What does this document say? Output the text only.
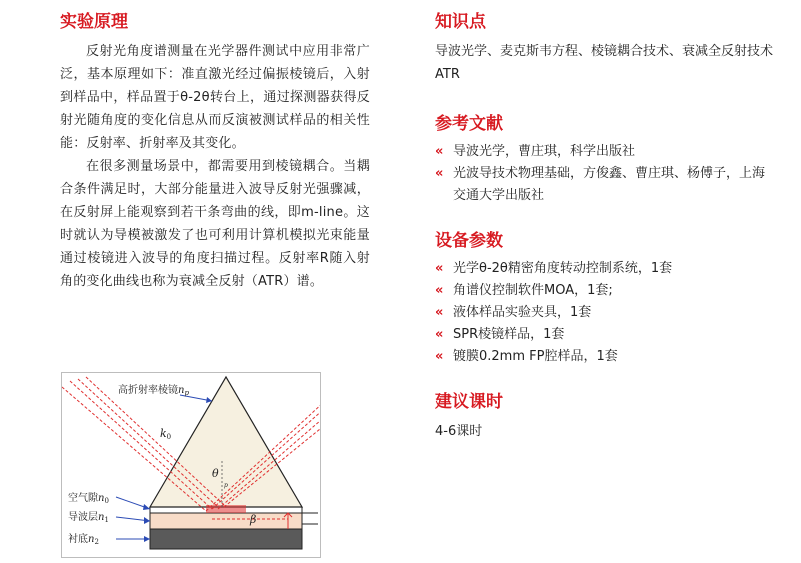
实验原理

反射光角度谱测量在光学器件测试中应用非常广泛，基本原理如下：准直激光经过偏振棱镜后，入射到样品中，样品置于θ-2θ转台上，通过探测器获得反射光随角度的变化信息从而反演被测试样品的相关性能：反射率、折射率及其变化。

在很多测量场景中，都需要用到棱镜耦合。当耦合条件满足时，大部分能量进入波导反射光强骤减，在反射屏上能观察到若干条弯曲的线，即m-line。这时就认为导模被激发了也可利用计算机模拟光束能量通过棱镜进入波导的角度扫描过程。反射率R随入射角的变化曲线也称为衰减全反射（ATR）谱。

高折射率棱镜$n_p$
k0
θ
p
β
空气隙$n_0$
导波层$n_1$
衬底$n_2$
知识点

导波光学、麦克斯韦方程、棱镜耦合技术、衰减全反射技术ATR

参考文献
« 导波光学，曹庄琪，科学出版社
« 光波导技术物理基础，方俊鑫、曹庄琪、杨傅子，上海交通大学出版社
设备参数
« 光学θ-2θ精密角度转动控制系统，1套
« 角谱仪控制软件MOA，1套;
« 液体样品实验夹具，1套
« SPR棱镜样品，1套
« 镀膜0.2mm FP腔样品，1套
建议课时

4-6课时
